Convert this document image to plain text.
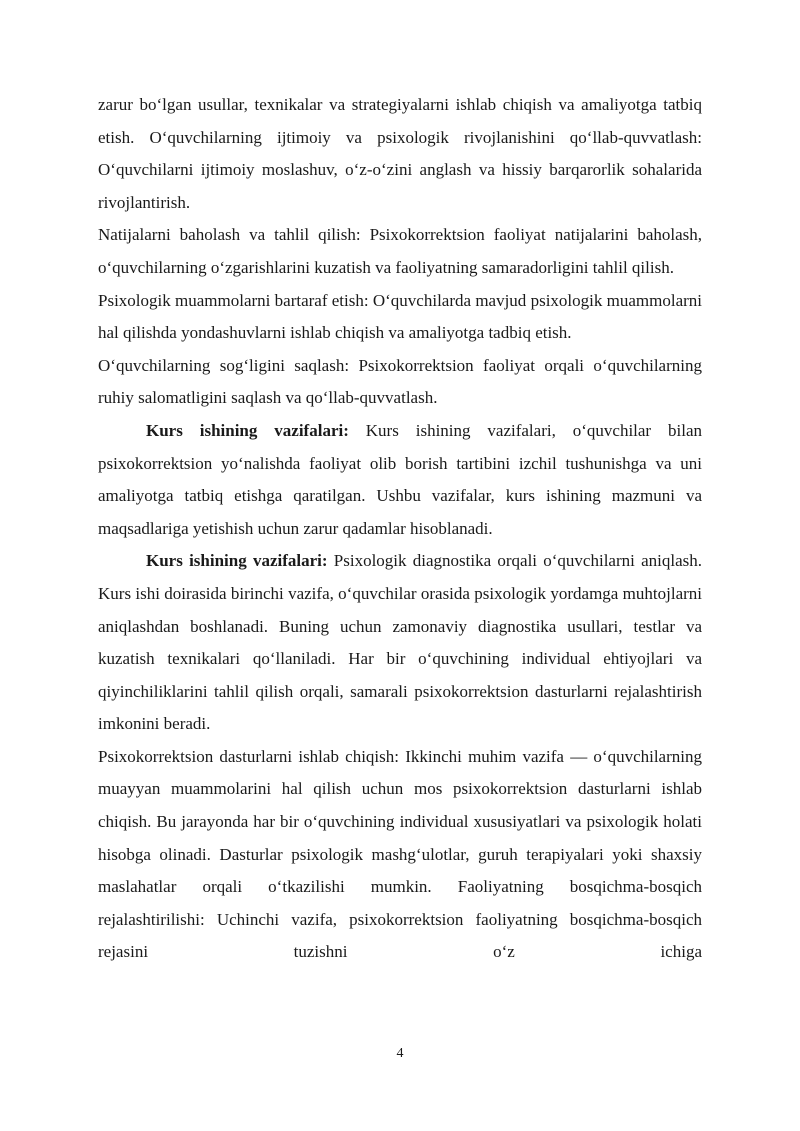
zarur boʻlgan usullar, texnikalar va strategiyalarni ishlab chiqish va amaliyotga tatbiq etish. Oʻquvchilarning ijtimoiy va psixologik rivojlanishini qoʻllab-quvvatlash: Oʻquvchilarni ijtimoiy moslashuv, oʻz-oʻzini anglash va hissiy barqarorlik sohalarida rivojlantirish.

Natijalarni baholash va tahlil qilish: Psixokorrektsion faoliyat natijalarini baholash, oʻquvchilarning oʻzgarishlarini kuzatish va faoliyatning samaradorligini tahlil qilish.

Psixologik muammolarni bartaraf etish: Oʻquvchilarda mavjud psixologik muammolarni hal qilishda yondashuvlarni ishlab chiqish va amaliyotga tadbiq etish.

Oʻquvchilarning sogʻligini saqlash: Psixokorrektsion faoliyat orqali oʻquvchilarning ruhiy salomatligini saqlash va qoʻllab-quvvatlash.

Kurs ishining vazifalari: Kurs ishining vazifalari, oʻquvchilar bilan psixokorrektsion yoʻnalishda faoliyat olib borish tartibini izchil tushunishga va uni amaliyotga tatbiq etishga qaratilgan. Ushbu vazifalar, kurs ishining mazmuni va maqsadlariga yetishish uchun zarur qadamlar hisoblanadi.

Kurs ishining vazifalari: Psixologik diagnostika orqali oʻquvchilarni aniqlash. Kurs ishi doirasida birinchi vazifa, oʻquvchilar orasida psixologik yordamga muhtojlarni aniqlashdan boshlanadi. Buning uchun zamonaviy diagnostika usullari, testlar va kuzatish texnikalari qoʻllaniladi. Har bir oʻquvchining individual ehtiyojlari va qiyinchiliklarini tahlil qilish orqali, samarali psixokorrektsion dasturlarni rejalashtirish imkonini beradi.

Psixokorrektsion dasturlarni ishlab chiqish: Ikkinchi muhim vazifa — oʻquvchilarning muayyan muammolarini hal qilish uchun mos psixokorrektsion dasturlarni ishlab chiqish. Bu jarayonda har bir oʻquvchining individual xususiyatlari va psixologik holati hisobga olinadi. Dasturlar psixologik mashgʻulotlar, guruh terapiyalari yoki shaxsiy maslahatlar orqali oʻtkazilishi mumkin. Faoliyatning bosqichma-bosqich rejalashtirilishi: Uchinchi vazifa, psixokorrektsion faoliyatning bosqichma-bosqich rejasini tuzishni oʻz ichiga

4
